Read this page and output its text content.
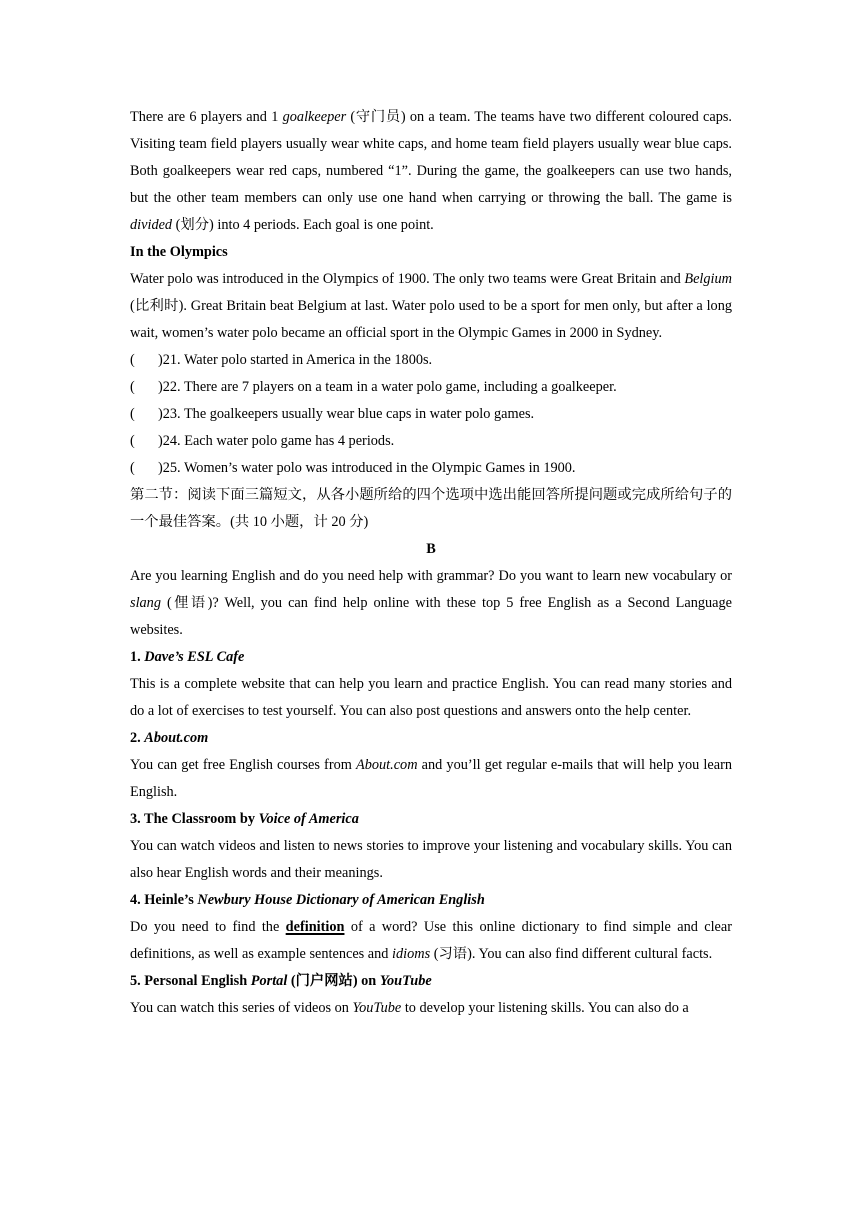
There are 6 players and 1 goalkeeper (守门员) on a team. The teams have two different coloured caps. Visiting team field players usually wear white caps, and home team field players usually wear blue caps. Both goalkeepers wear red caps, numbered “1”. During the game, the goalkeepers can use two hands, but the other team members can only use one hand when carrying or throwing the ball. The game is divided (划分) into 4 periods. Each goal is one point.

In the Olympics

Water polo was introduced in the Olympics of 1900. The only two teams were Great Britain and Belgium (比利时). Great Britain beat Belgium at last. Water polo used to be a sport for men only, but after a long wait, women’s water polo became an official sport in the Olympic Games in 2000 in Sydney.

(	)21. Water polo started in America in the 1800s.
(	)22. There are 7 players on a team in a water polo game, including a goalkeeper.
(	)23. The goalkeepers usually wear blue caps in water polo games.
(	)24. Each water polo game has 4 periods.
(	)25. Women’s water polo was introduced in the Olympic Games in 1900.

第二节：阅读下面三篇短文，从各小题所给的四个选项中选出能回答所提问题或完成所给句子的一个最佳答案。(共 10 小题，计 20 分)

B

Are you learning English and do you need help with grammar? Do you want to learn new vocabulary or slang (俚语)? Well, you can find help online with these top 5 free English as a Second Language websites.

1. Dave’s ESL Cafe

This is a complete website that can help you learn and practice English. You can read many stories and do a lot of exercises to test yourself. You can also post questions and answers onto the help center.

2. About.com

You can get free English courses from About.com and you’ll get regular e-mails that will help you learn English.

3. The Classroom by Voice of America

You can watch videos and listen to news stories to improve your listening and vocabulary skills. You can also hear English words and their meanings.

4. Heinle’s Newbury House Dictionary of American English

Do you need to find the definition of a word? Use this online dictionary to find simple and clear definitions, as well as example sentences and idioms (习语). You can also find different cultural facts.

5. Personal English Portal (门户网站) on YouTube

You can watch this series of videos on YouTube to develop your listening skills. You can also do a
